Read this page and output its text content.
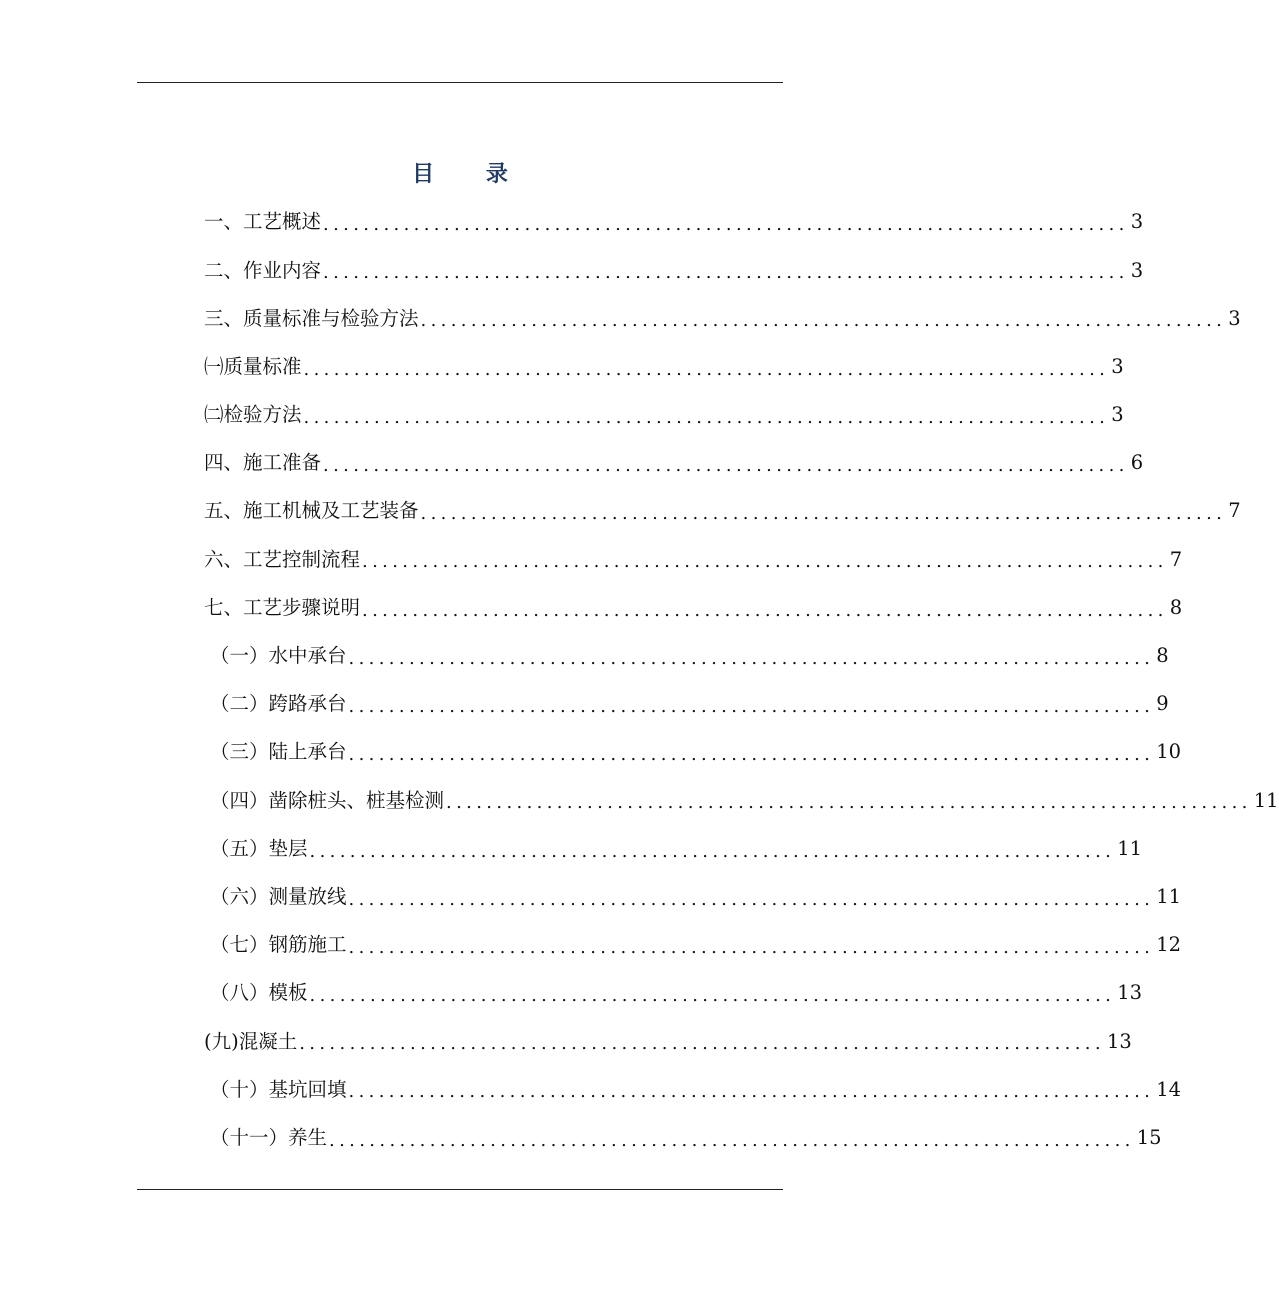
目 录
一、工艺概述 ................................................................................ 3
二、作业内容 ................................................................................ 3
三、质量标准与检验方法 ................................................................................ 3
㈠质量标准 ................................................................................ 3
㈡检验方法 ................................................................................ 3
四、施工准备 ................................................................................ 6
五、施工机械及工艺装备 ................................................................................ 7
六、工艺控制流程 ................................................................................ 7
七、工艺步骤说明 ................................................................................ 8
（一）水中承台 ................................................................................ 8
（二）跨路承台 ................................................................................ 9
（三）陆上承台 ................................................................................ 10
（四）凿除桩头、桩基检测 ................................................................................ 11
（五）垫层 ................................................................................ 11
（六）测量放线 ................................................................................ 11
（七）钢筋施工 ................................................................................ 12
（八）模板 ................................................................................ 13
(九)混凝土 ................................................................................ 13
（十）基坑回填 ................................................................................ 14
（十一）养生 ................................................................................ 15
